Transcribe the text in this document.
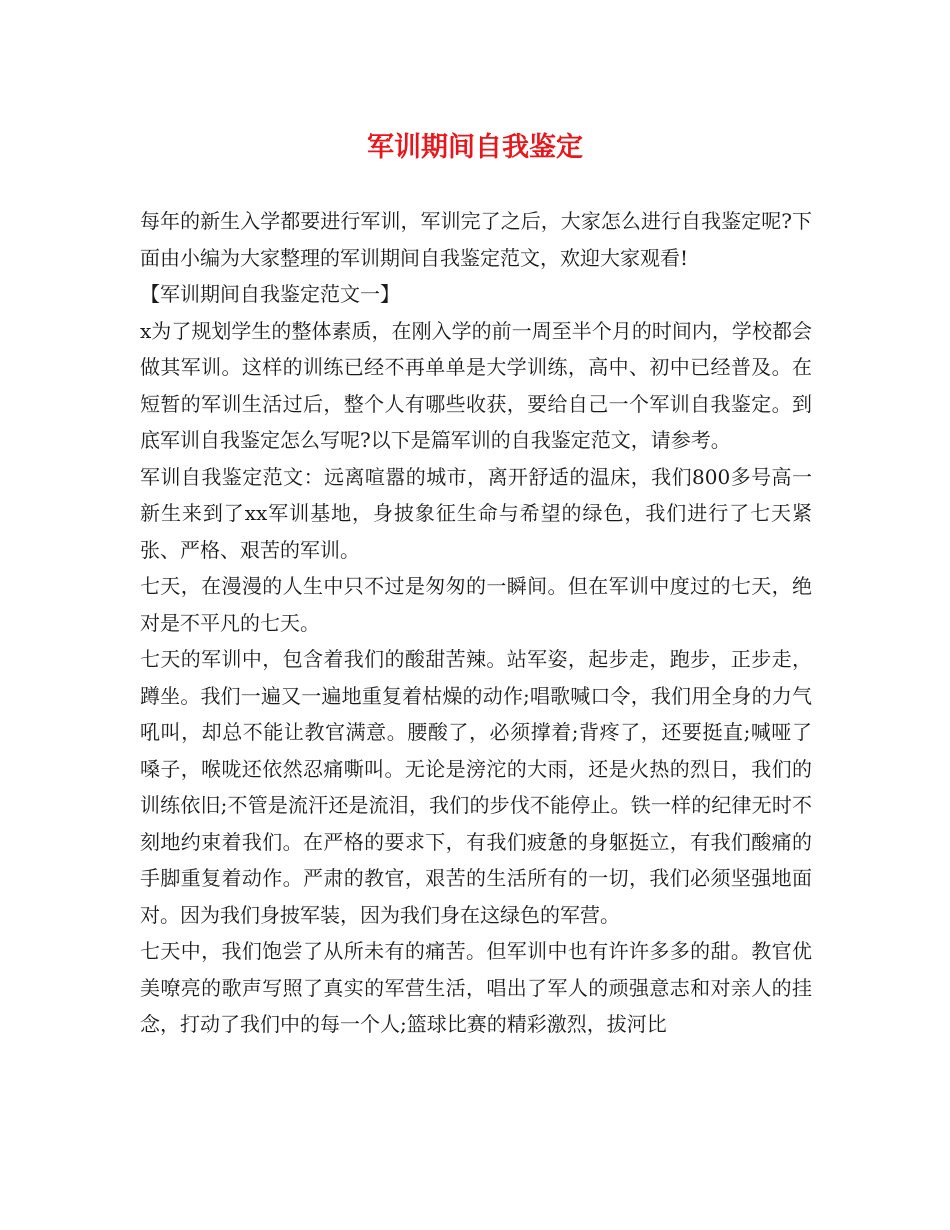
军训期间自我鉴定

每年的新生入学都要进行军训，军训完了之后，大家怎么进行自我鉴定呢?下面由小编为大家整理的军训期间自我鉴定范文，欢迎大家观看!

【军训期间自我鉴定范文一】

x为了规划学生的整体素质，在刚入学的前一周至半个月的时间内，学校都会做其军训。这样的训练已经不再单单是大学训练，高中、初中已经普及。在短暂的军训生活过后，整个人有哪些收获，要给自己一个军训自我鉴定。到底军训自我鉴定怎么写呢?以下是篇军训的自我鉴定范文，请参考。

军训自我鉴定范文：远离喧嚣的城市，离开舒适的温床，我们800多号高一新生来到了xx军训基地，身披象征生命与希望的绿色，我们进行了七天紧张、严格、艰苦的军训。

七天，在漫漫的人生中只不过是匆匆的一瞬间。但在军训中度过的七天，绝对是不平凡的七天。

七天的军训中，包含着我们的酸甜苦辣。站军姿，起步走，跑步，正步走，蹲坐。我们一遍又一遍地重复着枯燥的动作;唱歌喊口令，我们用全身的力气吼叫，却总不能让教官满意。腰酸了，必须撑着;背疼了，还要挺直;喊哑了嗓子，喉咙还依然忍痛嘶叫。无论是滂沱的大雨，还是火热的烈日，我们的训练依旧;不管是流汗还是流泪，我们的步伐不能停止。铁一样的纪律无时不刻地约束着我们。在严格的要求下，有我们疲惫的身躯挺立，有我们酸痛的手脚重复着动作。严肃的教官，艰苦的生活所有的一切，我们必须坚强地面对。因为我们身披军装，因为我们身在这绿色的军营。

七天中，我们饱尝了从所未有的痛苦。但军训中也有许许多多的甜。教官优美嘹亮的歌声写照了真实的军营生活，唱出了军人的顽强意志和对亲人的挂念，打动了我们中的每一个人;篮球比赛的精彩激烈，拔河比
